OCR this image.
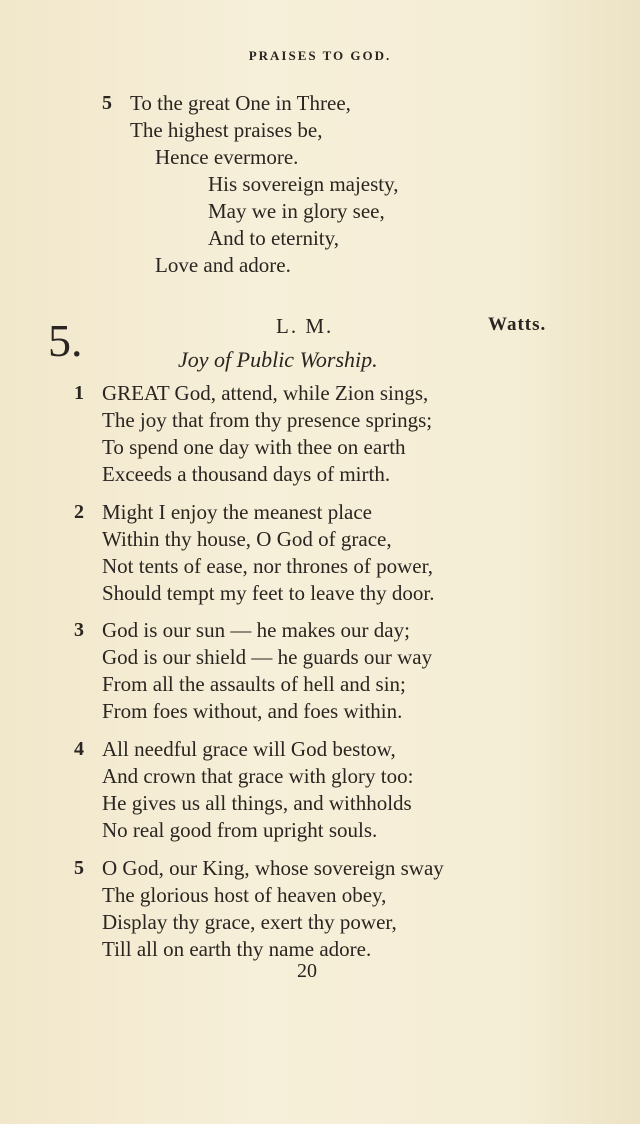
PRAISES TO GOD.
5 To the great One in Three,
The highest praises be,
Hence evermore.
His sovereign majesty,
May we in glory see,
And to eternity,
Love and adore.
5.	L. M.	Watts.
Joy of Public Worship.
1 GREAT God, attend, while Zion sings,
The joy that from thy presence springs;
To spend one day with thee on earth
Exceeds a thousand days of mirth.
2 Might I enjoy the meanest place
Within thy house, O God of grace,
Not tents of ease, nor thrones of power,
Should tempt my feet to leave thy door.
3 God is our sun — he makes our day;
God is our shield — he guards our way
From all the assaults of hell and sin;
From foes without, and foes within.
4 All needful grace will God bestow,
And crown that grace with glory too:
He gives us all things, and withholds
No real good from upright souls.
5 O God, our King, whose sovereign sway
The glorious host of heaven obey,
Display thy grace, exert thy power,
Till all on earth thy name adore.
20
